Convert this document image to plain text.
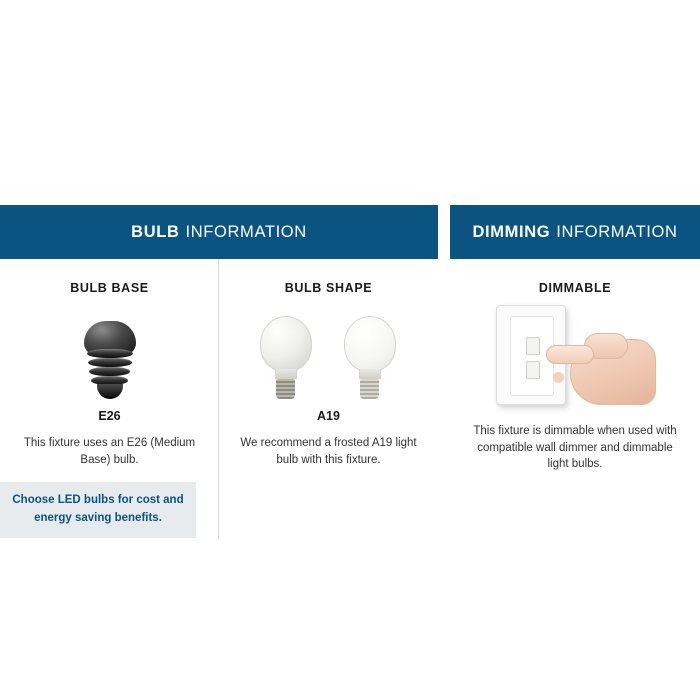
BULB INFORMATION
BULB BASE
E26
This fixture uses an E26 (Medium Base) bulb.
Choose LED bulbs for cost and energy saving benefits.
BULB SHAPE
A19
We recommend a frosted A19 light bulb with this fixture.
DIMMING INFORMATION
DIMMABLE
This fixture is dimmable when used with compatible wall dimmer and dimmable light bulbs.
